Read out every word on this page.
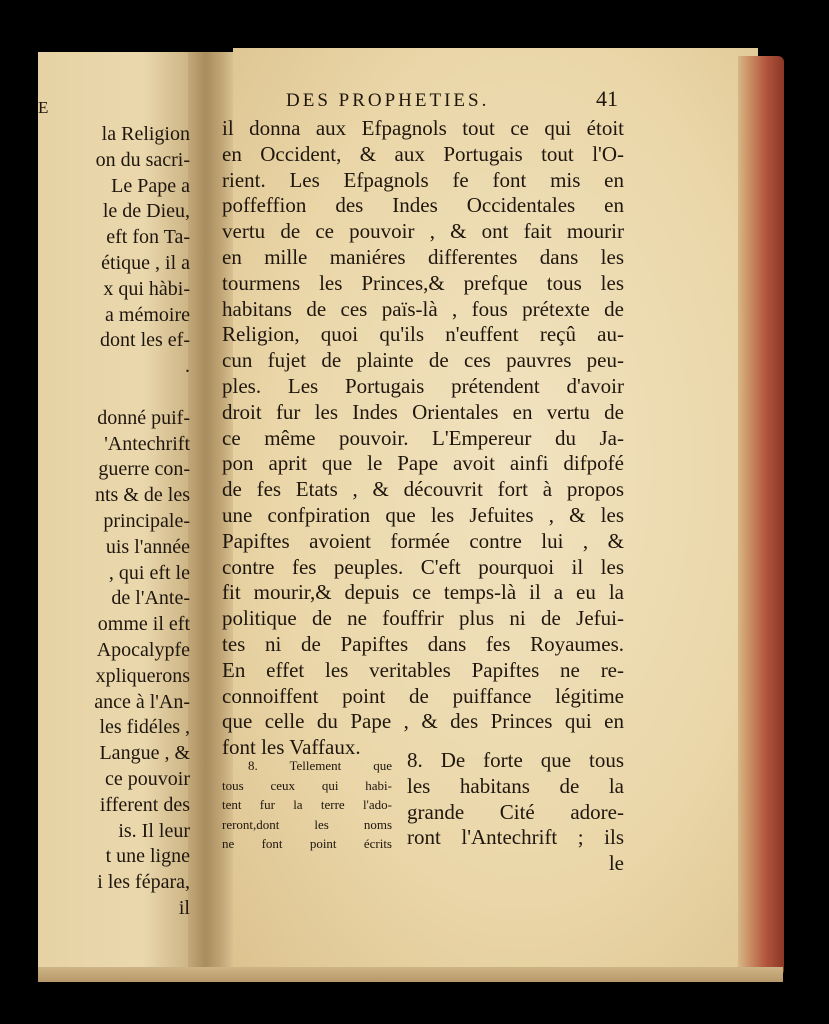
E
la Religion
on du sacri-
Le Pape a
le de Dieu,
eft fon Ta-
étique , il a
x qui hàbi-
a mémoire
dont les ef-
.
donné puif-
'Antechrift
guerre con-
nts & de les
principale-
uis l'année
, qui eft le
de l'Ante-
omme il eft
Apocalypfe
xpliquerons
ance à l'An-
les fidéles ,
Langue , &
ce pouvoir
ifferent des
is. Il leur
t une ligne
i les fépara,
il
DES PROPHETIES.	41
il donna aux Efpagnols tout ce qui étoit
en Occident, & aux Portugais tout l'O-
rient. Les Efpagnols fe font mis en
poffeffion des Indes Occidentales en
vertu de ce pouvoir , & ont fait mourir
en mille maniéres differentes dans les
tourmens les Princes,& prefque tous les
habitans de ces païs-là , fous prétexte de
Religion, quoi qu'ils n'euffent reçû au-
cun fujet de plainte de ces pauvres peu-
ples. Les Portugais prétendent d'avoir
droit fur les Indes Orientales en vertu de
ce même pouvoir. L'Empereur du Ja-
pon aprit que le Pape avoit ainfi difpofé
de fes Etats , & découvrit fort à propos
une confpiration que les Jefuites , & les
Papiftes avoient formée contre lui , &
contre fes peuples. C'eft pourquoi il les
fit mourir,& depuis ce temps-là il a eu la
politique de ne fouffrir plus ni de Jefui-
tes ni de Papiftes dans fes Royaumes.
En effet les veritables Papiftes ne re-
connoiffent point de puiffance légitime
que celle du Pape , & des Princes qui en
font les Vaffaux.
8. Tellement que
tous ceux qui habi-
tent fur la terre l'ado-
reront,dont les noms
ne font point écrits
8. De forte que tous
les habitans de la
grande Cité adore-
ront l'Antechrift ; ils
le
